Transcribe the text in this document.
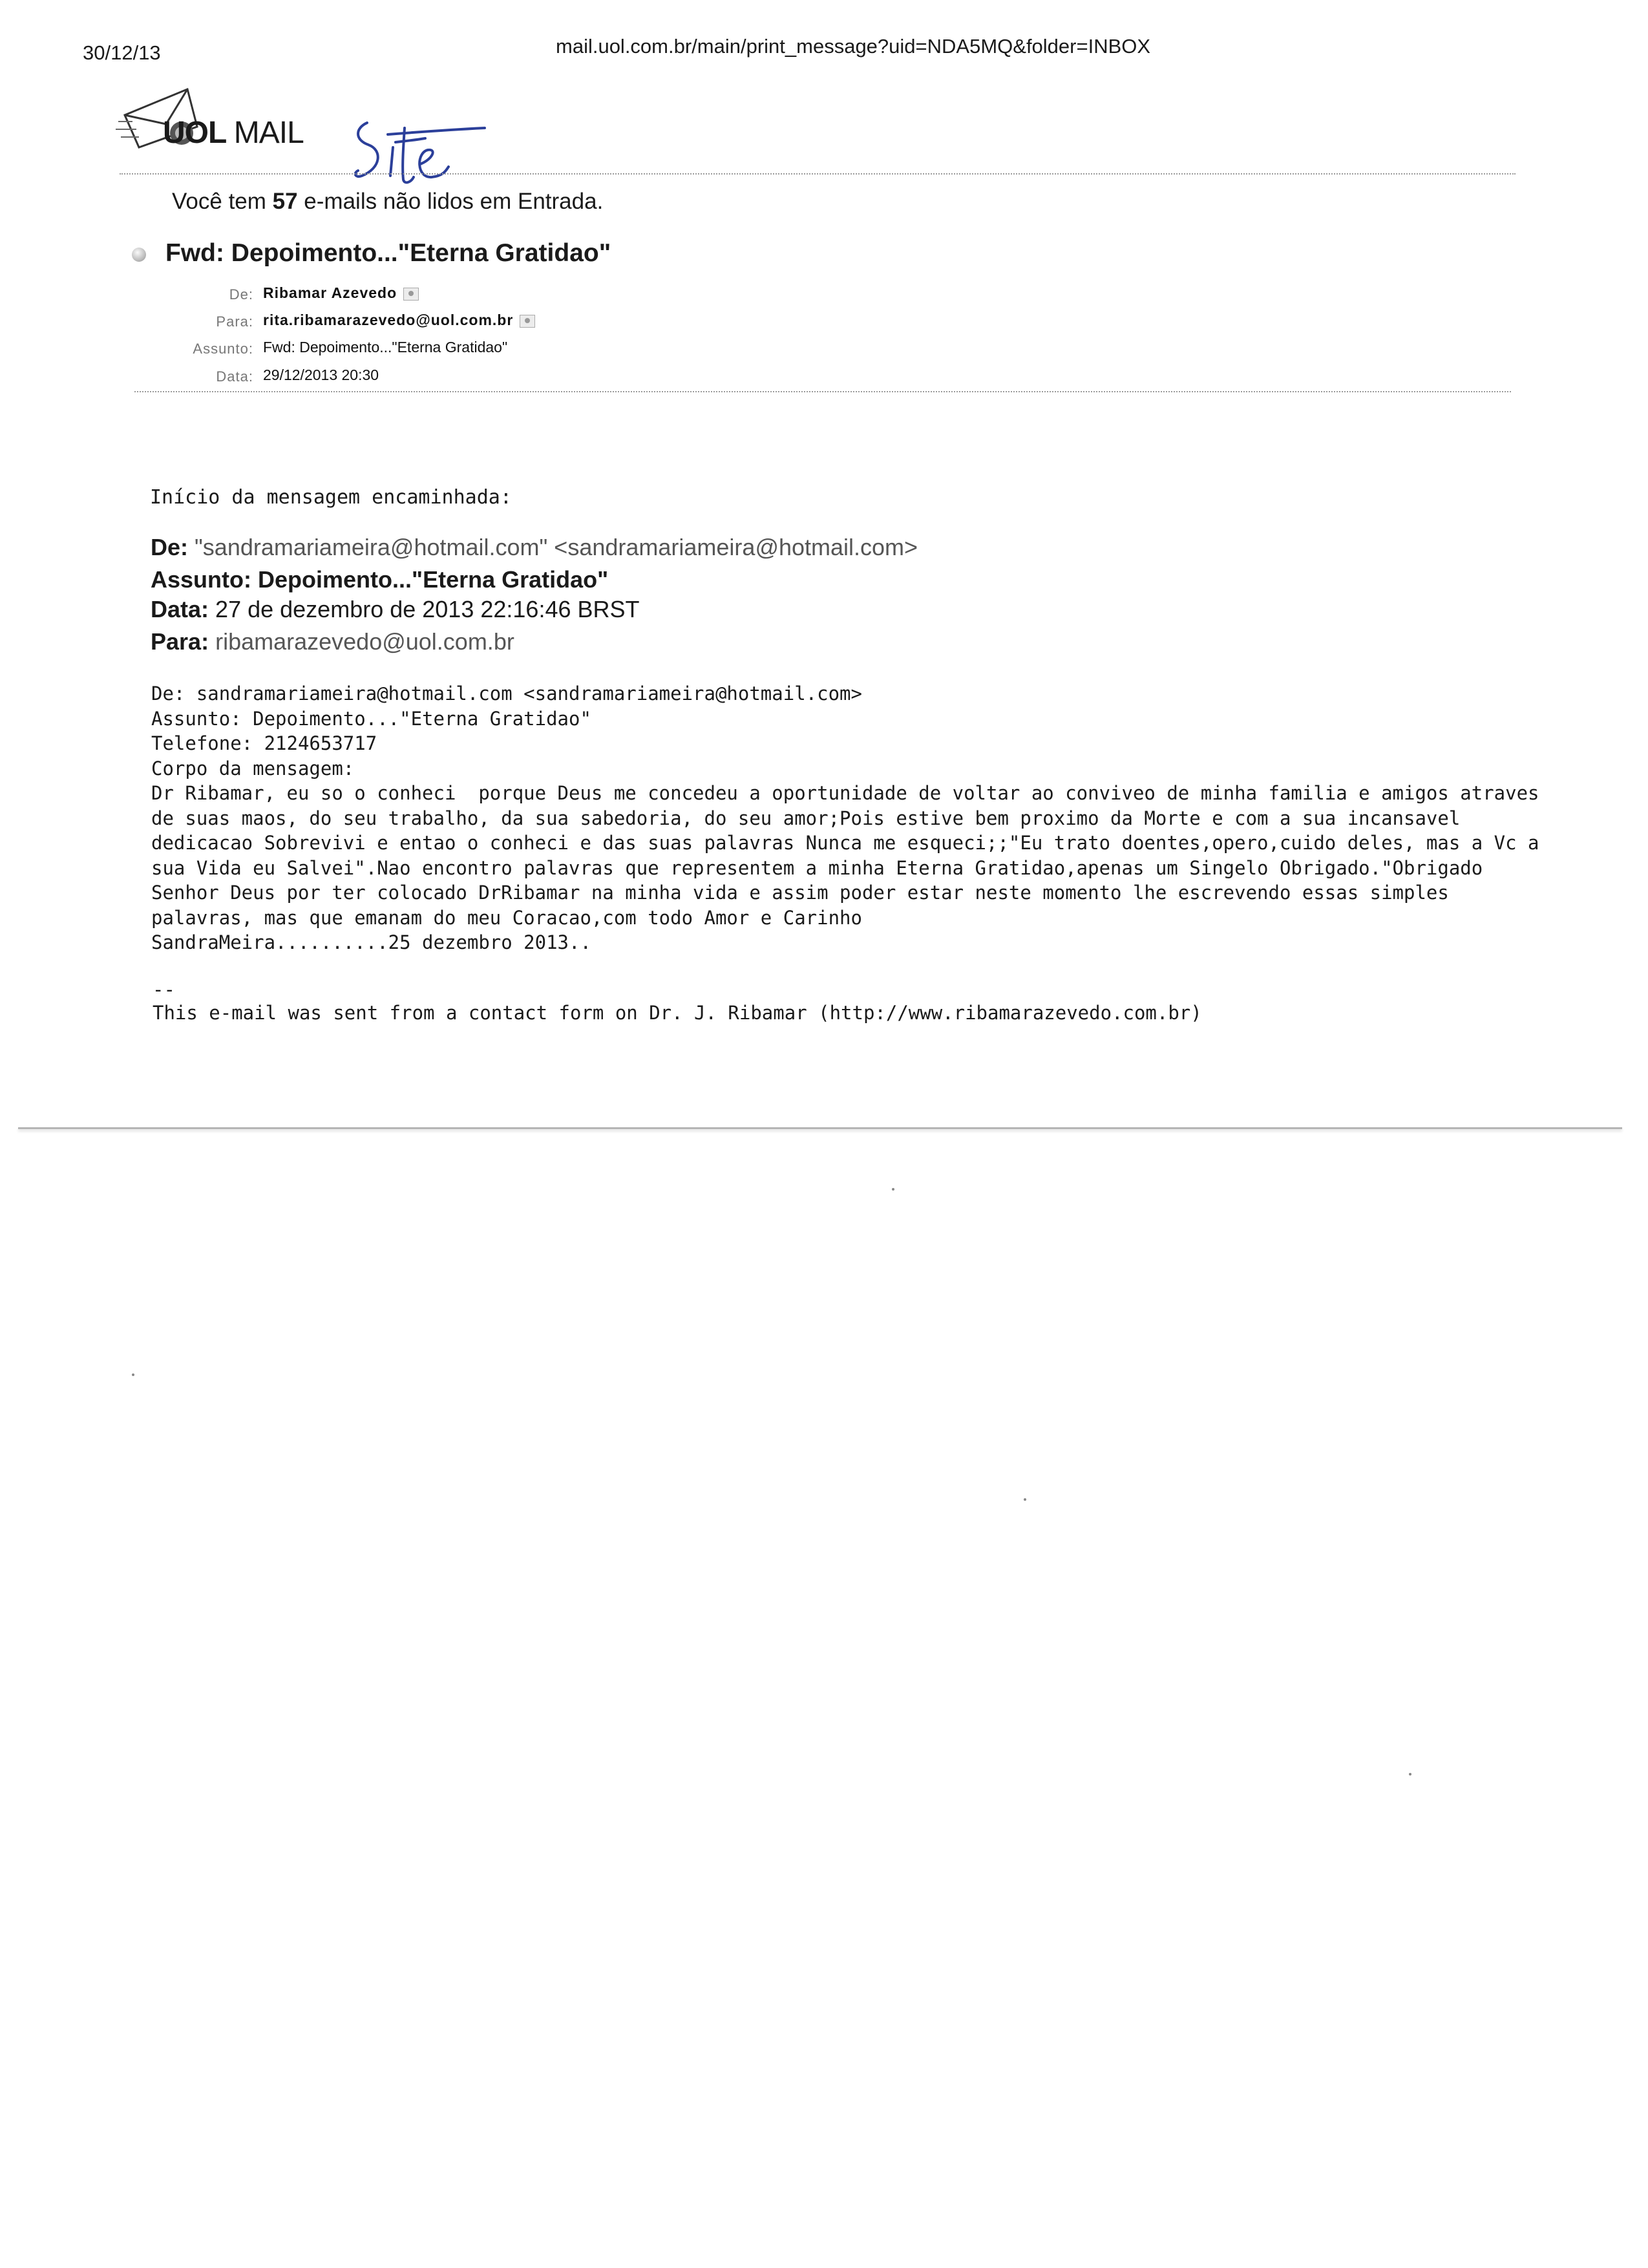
30/12/13	mail.uol.com.br/main/print_message?uid=NDA5MQ&folder=INBOX
UOL MAIL
Você tem 57 e-mails não lidos em Entrada.
Fwd: Depoimento..."Eterna Gratidao"
De: Ribamar Azevedo
Para: rita.ribamarazevedo@uol.com.br
Assunto: Fwd: Depoimento..."Eterna Gratidao"
Data: 29/12/2013 20:30
Início da mensagem encaminhada:
De: "sandramariameira@hotmail.com" <sandramariameira@hotmail.com>
Assunto: Depoimento..."Eterna Gratidao"
Data: 27 de dezembro de 2013 22:16:46 BRST
Para: ribamarazevedo@uol.com.br
De: sandramariameira@hotmail.com <sandramariameira@hotmail.com>
Assunto: Depoimento..."Eterna Gratidao"
Telefone: 2124653717
Corpo da mensagem:
Dr Ribamar, eu so o conheci  porque Deus me concedeu a oportunidade de voltar ao conviveo de minha familia e amigos atraves
de suas maos, do seu trabalho, da sua sabedoria, do seu amor;Pois estive bem proximo da Morte e com a sua incansavel
dedicacao Sobrevivi e entao o conheci e das suas palavras Nunca me esqueci;;"Eu trato doentes,opero,cuido deles, mas a Vc a
sua Vida eu Salvei".Nao encontro palavras que representem a minha Eterna Gratidao,apenas um Singelo Obrigado."Obrigado
Senhor Deus por ter colocado DrRibamar na minha vida e assim poder estar neste momento lhe escrevendo essas simples
palavras, mas que emanam do meu Coracao,com todo Amor e Carinho
SandraMeira..........25 dezembro 2013..
--
This e-mail was sent from a contact form on Dr. J. Ribamar (http://www.ribamarazevedo.com.br)
